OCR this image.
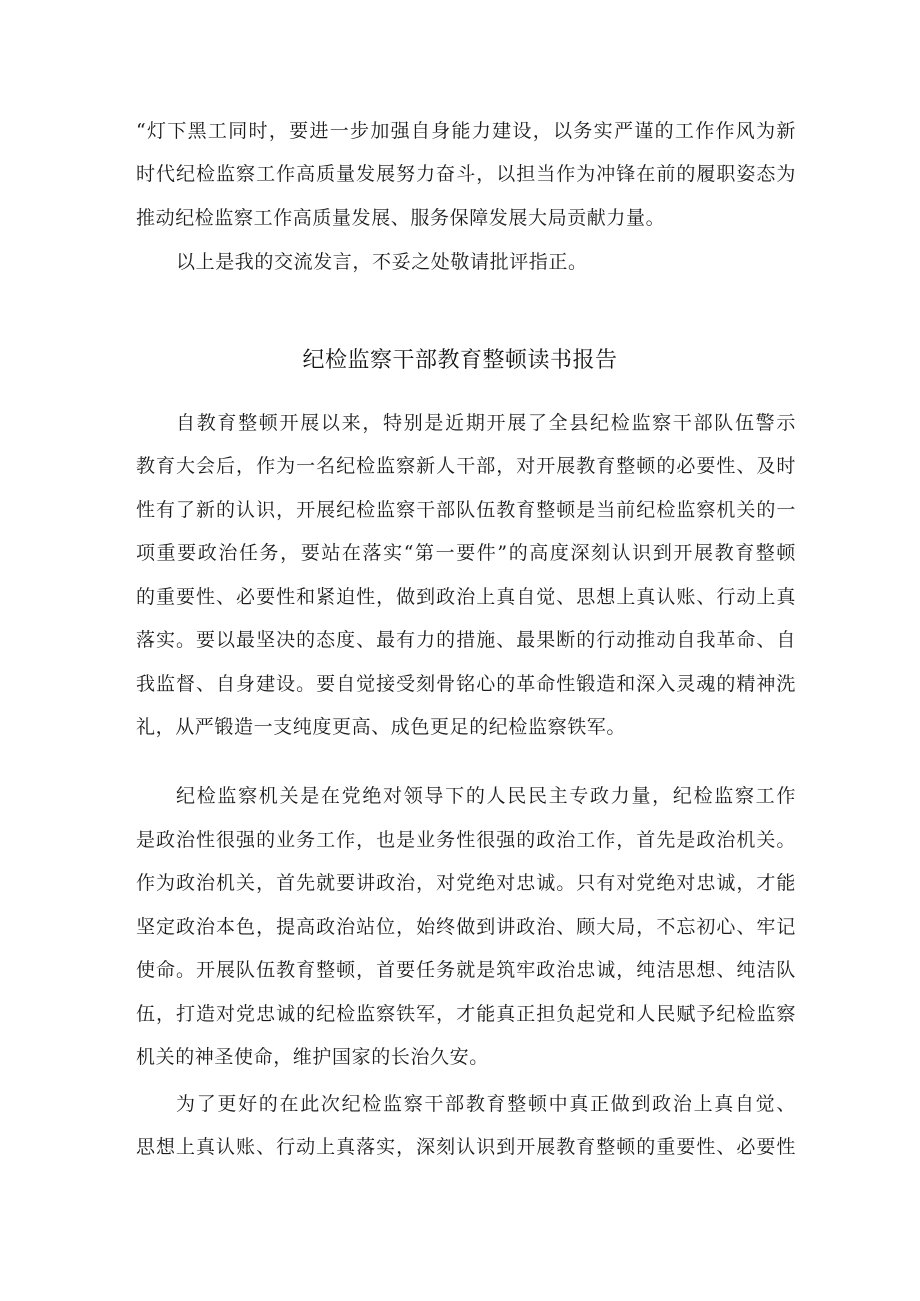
“灯下黑工同时，要进一步加强自身能力建设，以务实严谨的工作作风为新
时代纪检监察工作高质量发展努力奋斗，以担当作为冲锋在前的履职姿态为
推动纪检监察工作高质量发展、服务保障发展大局贡献力量。
以上是我的交流发言，不妥之处敬请批评指正。
纪检监察干部教育整顿读书报告
自教育整顿开展以来，特别是近期开展了全县纪检监察干部队伍警示
教育大会后，作为一名纪检监察新人干部，对开展教育整顿的必要性、及时
性有了新的认识，开展纪检监察干部队伍教育整顿是当前纪检监察机关的一
项重要政治任务，要站在落实“第一要件”的高度深刻认识到开展教育整顿
的重要性、必要性和紧迫性，做到政治上真自觉、思想上真认账、行动上真
落实。要以最坚决的态度、最有力的措施、最果断的行动推动自我革命、自
我监督、自身建设。要自觉接受刻骨铭心的革命性锻造和深入灵魂的精神洗
礼，从严锻造一支纯度更高、成色更足的纪检监察铁军。
纪检监察机关是在党绝对领导下的人民民主专政力量，纪检监察工作
是政治性很强的业务工作，也是业务性很强的政治工作，首先是政治机关。
作为政治机关，首先就要讲政治，对党绝对忠诚。只有对党绝对忠诚，才能
坚定政治本色，提高政治站位，始终做到讲政治、顾大局，不忘初心、牢记
使命。开展队伍教育整顿，首要任务就是筑牢政治忠诚，纯洁思想、纯洁队
伍，打造对党忠诚的纪检监察铁军，才能真正担负起党和人民赋予纪检监察
机关的神圣使命，维护国家的长治久安。
为了更好的在此次纪检监察干部教育整顿中真正做到政治上真自觉、
思想上真认账、行动上真落实，深刻认识到开展教育整顿的重要性、必要性
